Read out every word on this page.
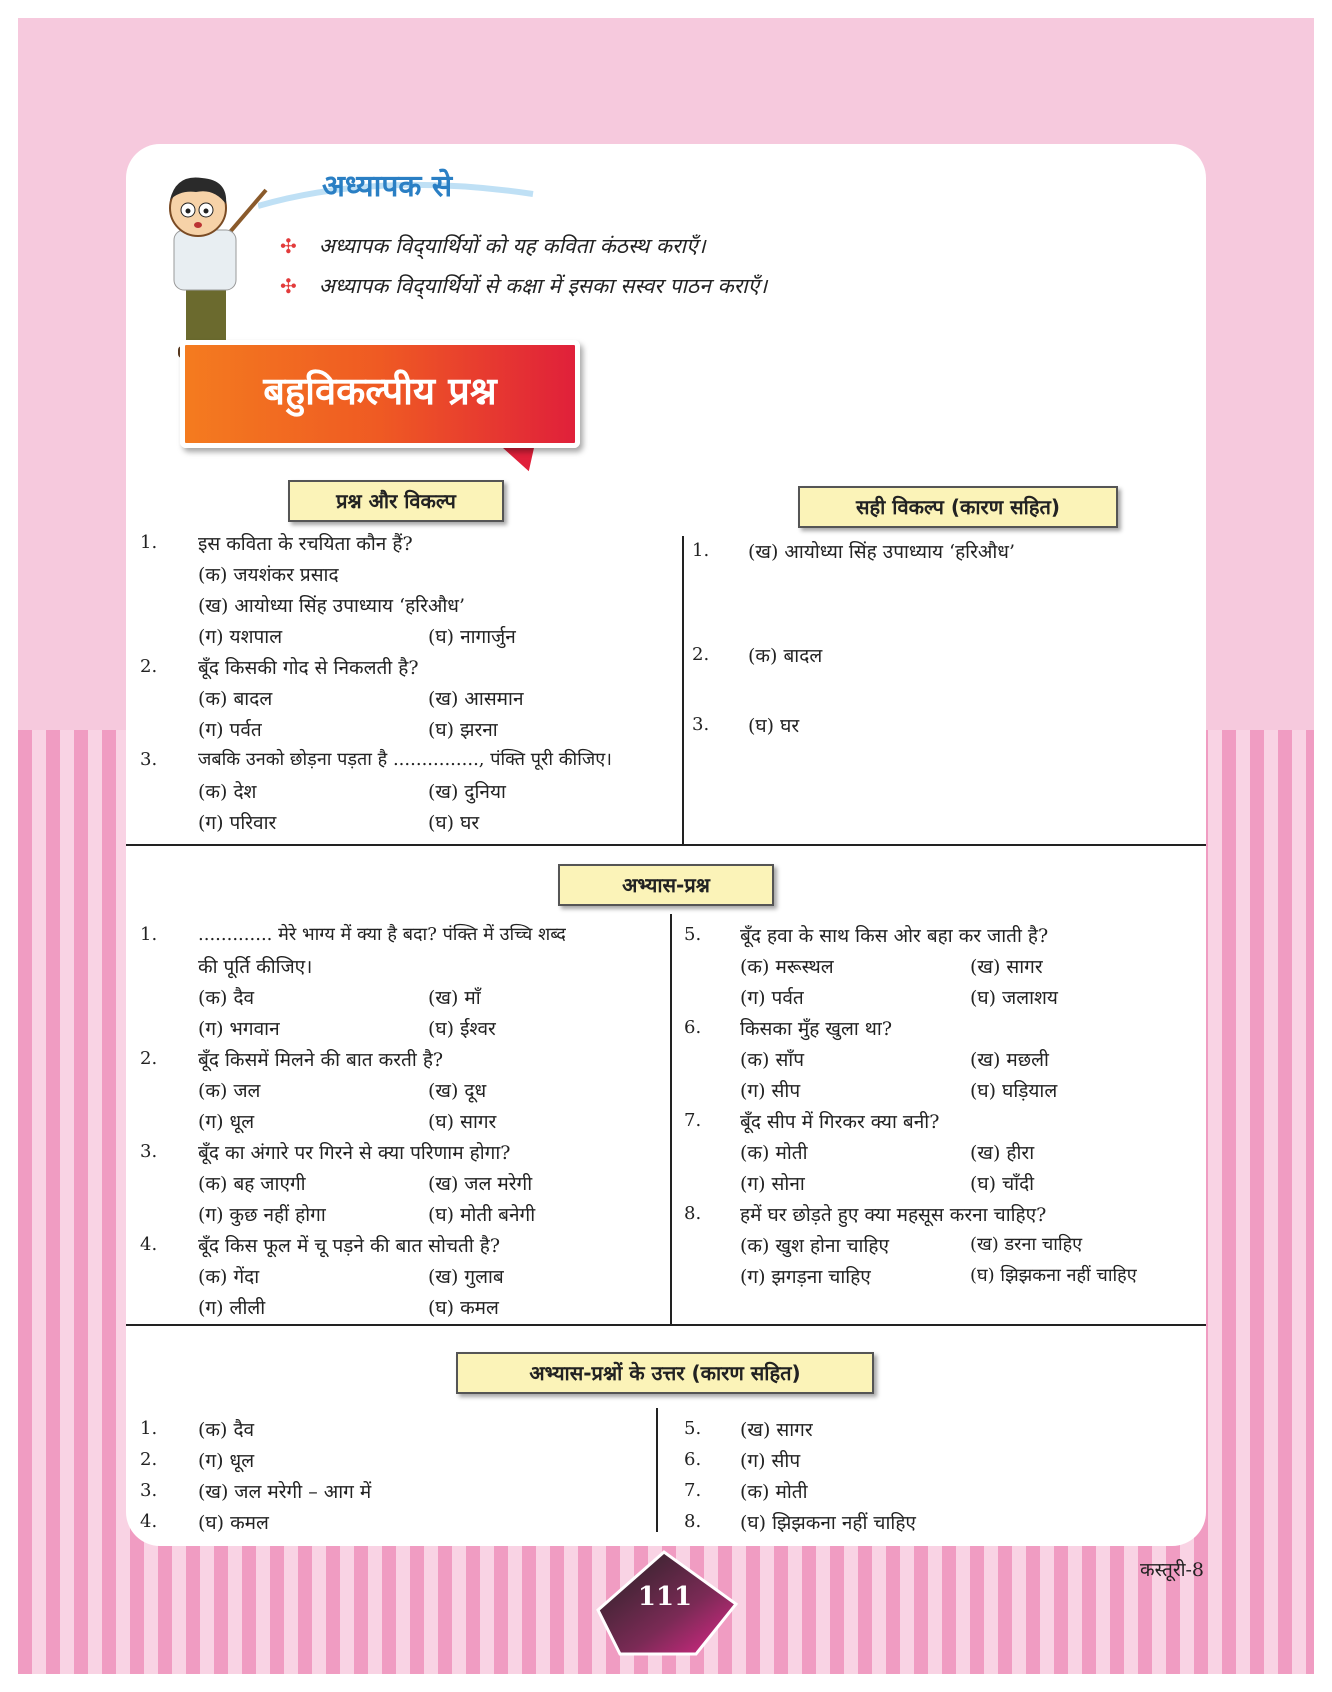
अध्यापक से
✣ अध्यापक विद्‌यार्थियों को यह कविता कंठस्थ कराएँ।
✣ अध्यापक विद्‌यार्थियों से कक्षा में इसका सस्वर पाठन कराएँ।
बहुविकल्पीय प्रश्न
प्रश्न और विकल्प	सही विकल्प (कारण सहित)
1. इस कविता के रचयिता कौन हैं?
(क) जयशंकर प्रसाद
(ख) आयोध्या सिंह उपाध्याय ‘हरिऔध’
(ग) यशपाल	(घ) नागार्जुन
2. बूँद किसकी गोद से निकलती है?
(क) बादल	(ख) आसमान
(ग) पर्वत	(घ) झरना
3. जबकि उनको छोड़ना पड़ता है ..............., पंक्ति पूरी कीजिए।
(क) देश	(ख) दुनिया
(ग) परिवार	(घ) घर
1. (ख) आयोध्या सिंह उपाध्याय ‘हरिऔध’
2. (क) बादल
3. (घ) घर
अभ्यास-प्रश्न
1. ............. मेरे भाग्य में क्या है बदा? पंक्ति में उच्चि शब्द
की पूर्ति कीजिए।
(क) दैव	(ख) माँ
(ग) भगवान	(घ) ईश्वर
2. बूँद किसमें मिलने की बात करती है?
(क) जल	(ख) दूध
(ग) धूल	(घ) सागर
3. बूँद का अंगारे पर गिरने से क्या परिणाम होगा?
(क) बह जाएगी	(ख) जल मरेगी
(ग) कुछ नहीं होगा	(घ) मोती बनेगी
4. बूँद किस फूल में चू पड़ने की बात सोचती है?
(क) गेंदा	(ख) गुलाब
(ग) लीली	(घ) कमल
5. बूँद हवा के साथ किस ओर बहा कर जाती है?
(क) मरूस्थल	(ख) सागर
(ग) पर्वत	(घ) जलाशय
6. किसका मुँह खुला था?
(क) साँप	(ख) मछली
(ग) सीप	(घ) घड़ियाल
7. बूँद सीप में गिरकर क्या बनी?
(क) मोती	(ख) हीरा
(ग) सोना	(घ) चाँदी
8. हमें घर छोड़ते हुए क्या महसूस करना चाहिए?
(क) खुश होना चाहिए	(ख) डरना चाहिए
(ग) झगड़ना चाहिए	(घ) झिझकना नहीं चाहिए
अभ्यास-प्रश्नों के उत्तर (कारण सहित)
1. (क) दैव
2. (ग) धूल
3. (ख) जल मरेगी – आग में
4. (घ) कमल
5. (ख) सागर
6. (ग) सीप
7. (क) मोती
8. (घ) झिझकना नहीं चाहिए
111
कस्तूरी-8
